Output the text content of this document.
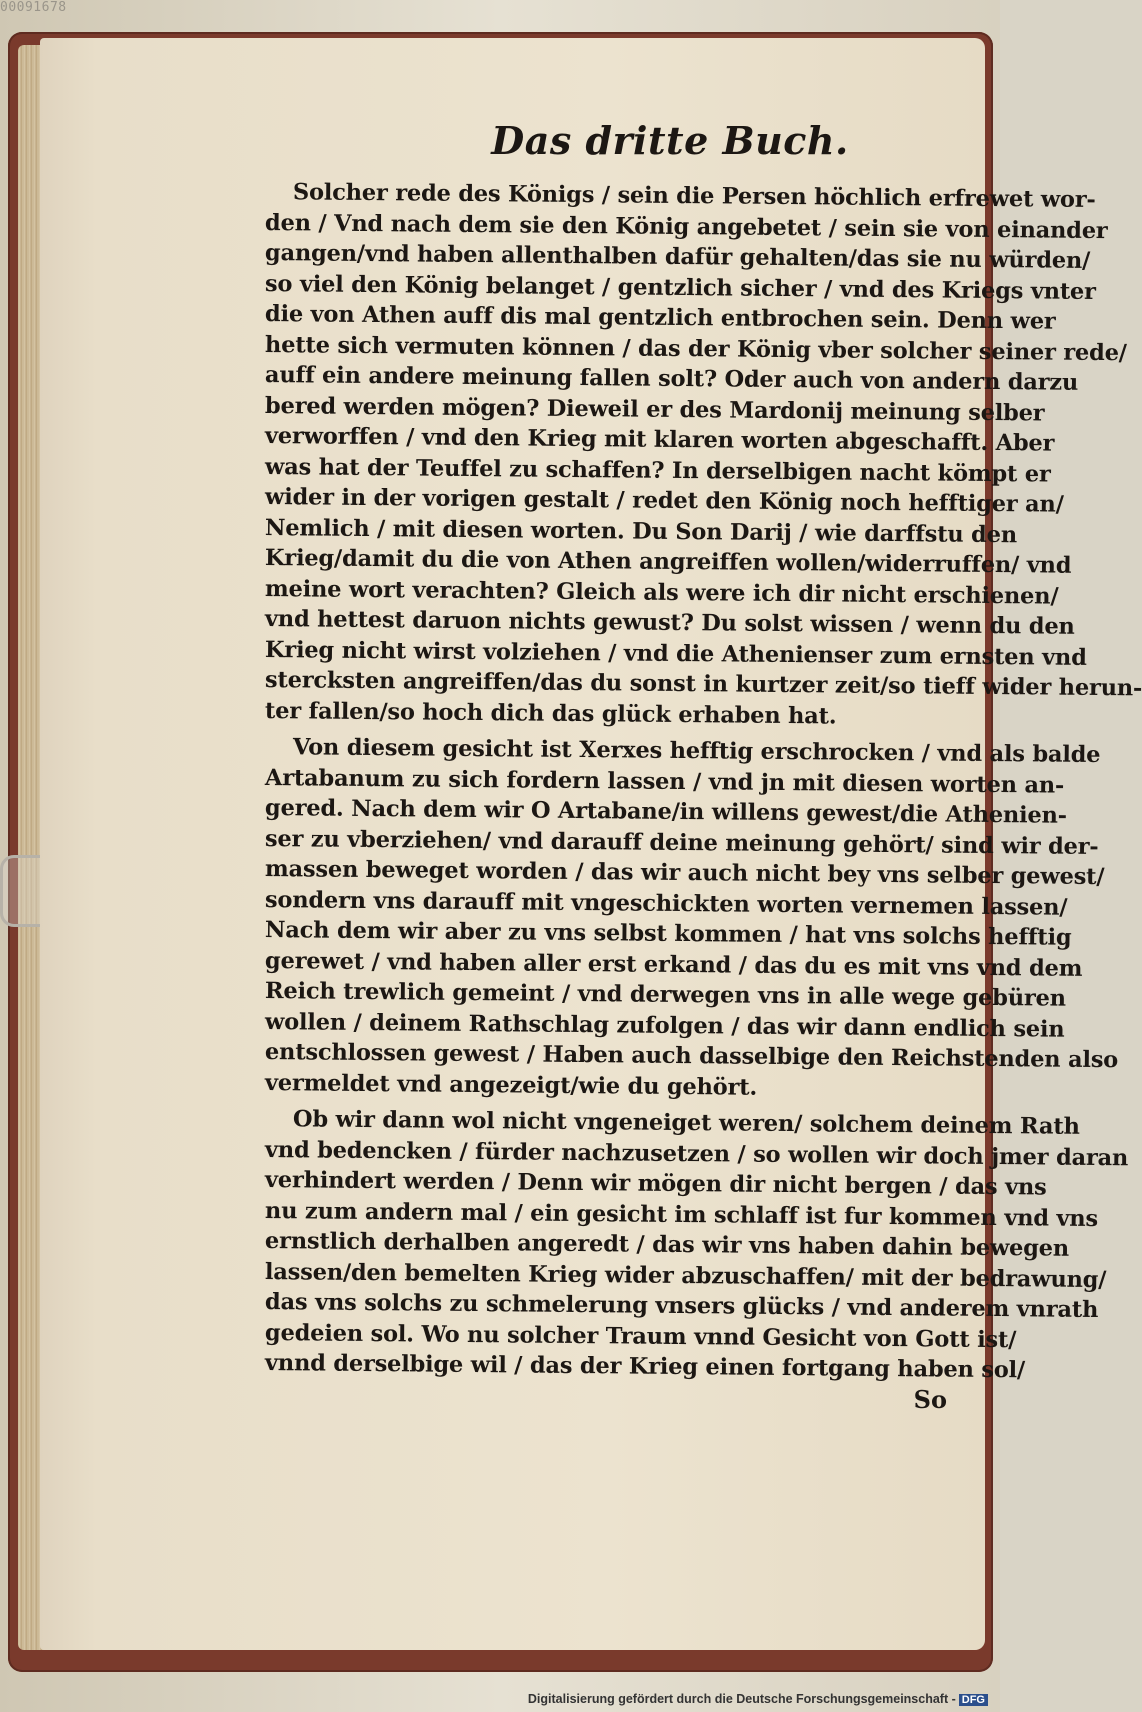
00091678
Das dritte Buch.
Solcher rede des Königs / sein die Persen höchlich erfrewet wor-
den / Vnd nach dem sie den König angebetet / sein sie von einander
gangen/vnd haben allenthalben dafür gehalten/das sie nu würden/
so viel den König belanget / gentzlich sicher / vnd des Kriegs vnter
die von Athen auff dis mal gentzlich entbrochen sein. Denn wer
hette sich vermuten können / das der König vber solcher seiner rede/
auff ein andere meinung fallen solt? Oder auch von andern darzu
bered werden mögen? Dieweil er des Mardonij meinung selber
verworffen / vnd den Krieg mit klaren worten abgeschafft. Aber
was hat der Teuffel zu schaffen? In derselbigen nacht kömpt er
wider in der vorigen gestalt / redet den König noch hefftiger an/
Nemlich / mit diesen worten. Du Son Darij / wie darffstu den
Krieg/damit du die von Athen angreiffen wollen/widerruffen/ vnd
meine wort verachten? Gleich als were ich dir nicht erschienen/
vnd hettest daruon nichts gewust? Du solst wissen / wenn du den
Krieg nicht wirst volziehen / vnd die Athenienser zum ernsten vnd
stercksten angreiffen/das du sonst in kurtzer zeit/so tieff wider herun-
ter fallen/so hoch dich das glück erhaben hat.
Von diesem gesicht ist Xerxes hefftig erschrocken / vnd als balde
Artabanum zu sich fordern lassen / vnd jn mit diesen worten an-
gered. Nach dem wir O Artabane/in willens gewest/die Athenien-
ser zu vberziehen/ vnd darauff deine meinung gehört/ sind wir der-
massen beweget worden / das wir auch nicht bey vns selber gewest/
sondern vns darauff mit vngeschickten worten vernemen lassen/
Nach dem wir aber zu vns selbst kommen / hat vns solchs hefftig
gerewet / vnd haben aller erst erkand / das du es mit vns vnd dem
Reich trewlich gemeint / vnd derwegen vns in alle wege gebüren
wollen / deinem Rathschlag zufolgen / das wir dann endlich sein
entschlossen gewest / Haben auch dasselbige den Reichstenden also
vermeldet vnd angezeigt/wie du gehört.
Ob wir dann wol nicht vngeneiget weren/ solchem deinem Rath
vnd bedencken / fürder nachzusetzen / so wollen wir doch jmer daran
verhindert werden / Denn wir mögen dir nicht bergen / das vns
nu zum andern mal / ein gesicht im schlaff ist fur kommen vnd vns
ernstlich derhalben angeredt / das wir vns haben dahin bewegen
lassen/den bemelten Krieg wider abzuschaffen/ mit der bedrawung/
das vns solchs zu schmelerung vnsers glücks / vnd anderem vnrath
gedeien sol. Wo nu solcher Traum vnnd Gesicht von Gott ist/
vnnd derselbige wil / das der Krieg einen fortgang haben sol/
So
Digitalisierung gefördert durch die Deutsche Forschungsgemeinschaft - DFG
